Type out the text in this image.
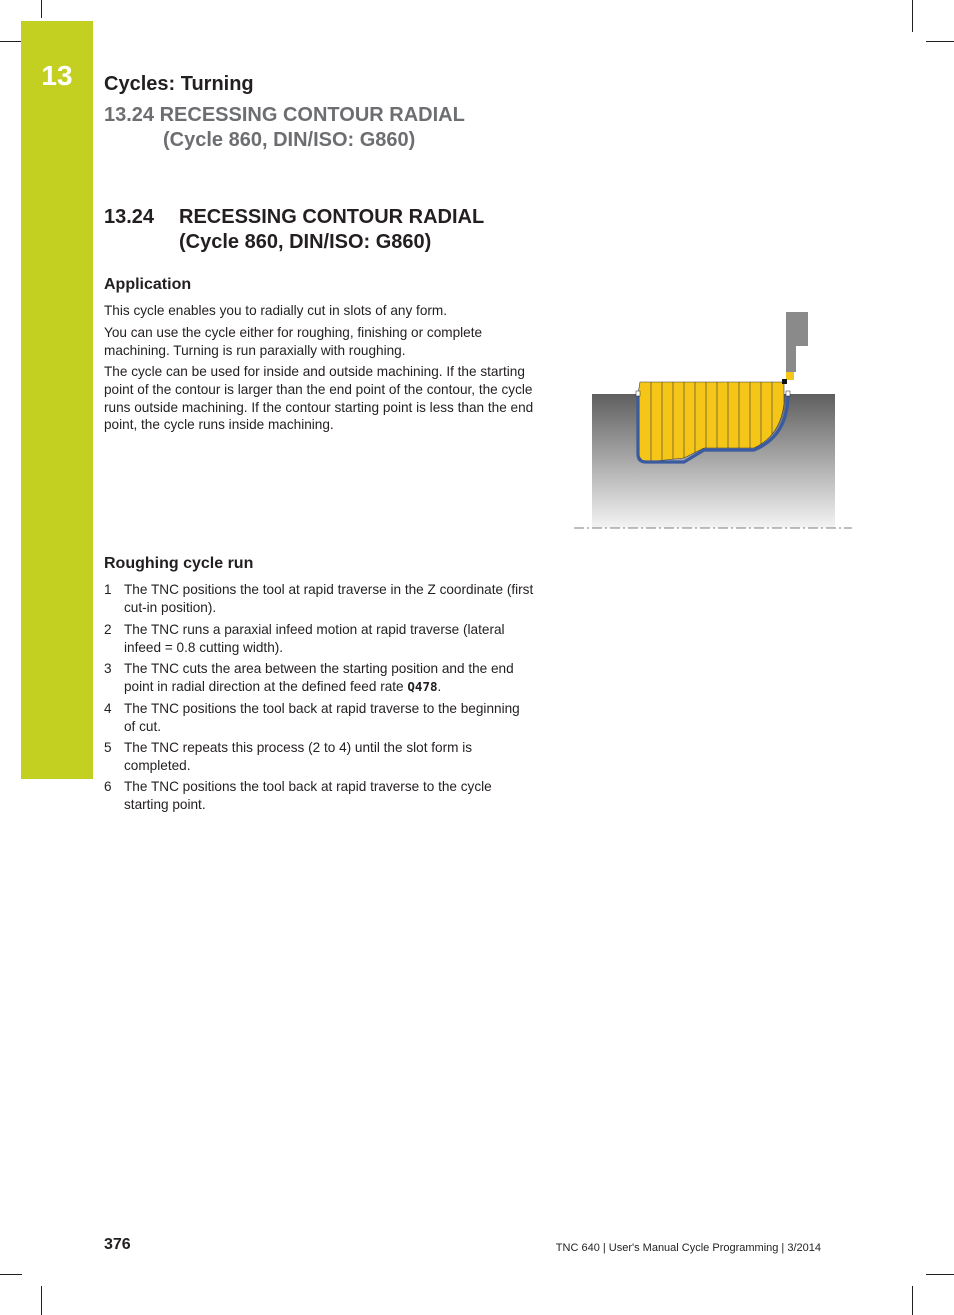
13	Cycles: Turning
13.24 RECESSING CONTOUR RADIAL
(Cycle 860, DIN/ISO: G860)
13.24 RECESSING CONTOUR RADIAL
(Cycle 860, DIN/ISO: G860)
Application
This cycle enables you to radially cut in slots of any form.
You can use the cycle either for roughing, finishing or complete machining. Turning is run paraxially with roughing.
The cycle can be used for inside and outside machining. If the starting point of the contour is larger than the end point of the contour, the cycle runs outside machining. If the contour starting point is less than the end point, the cycle runs inside machining.
Roughing cycle run
1 The TNC positions the tool at rapid traverse in the Z coordinate (first cut-in position).
2 The TNC runs a paraxial infeed motion at rapid traverse (lateral infeed = 0.8 cutting width).
3 The TNC cuts the area between the starting position and the end point in radial direction at the defined feed rate Q478.
4 The TNC positions the tool back at rapid traverse to the beginning of cut.
5 The TNC repeats this process (2 to 4) until the slot form is completed.
6 The TNC positions the tool back at rapid traverse to the cycle starting point.
376	TNC 640 | User's Manual Cycle Programming | 3/2014
